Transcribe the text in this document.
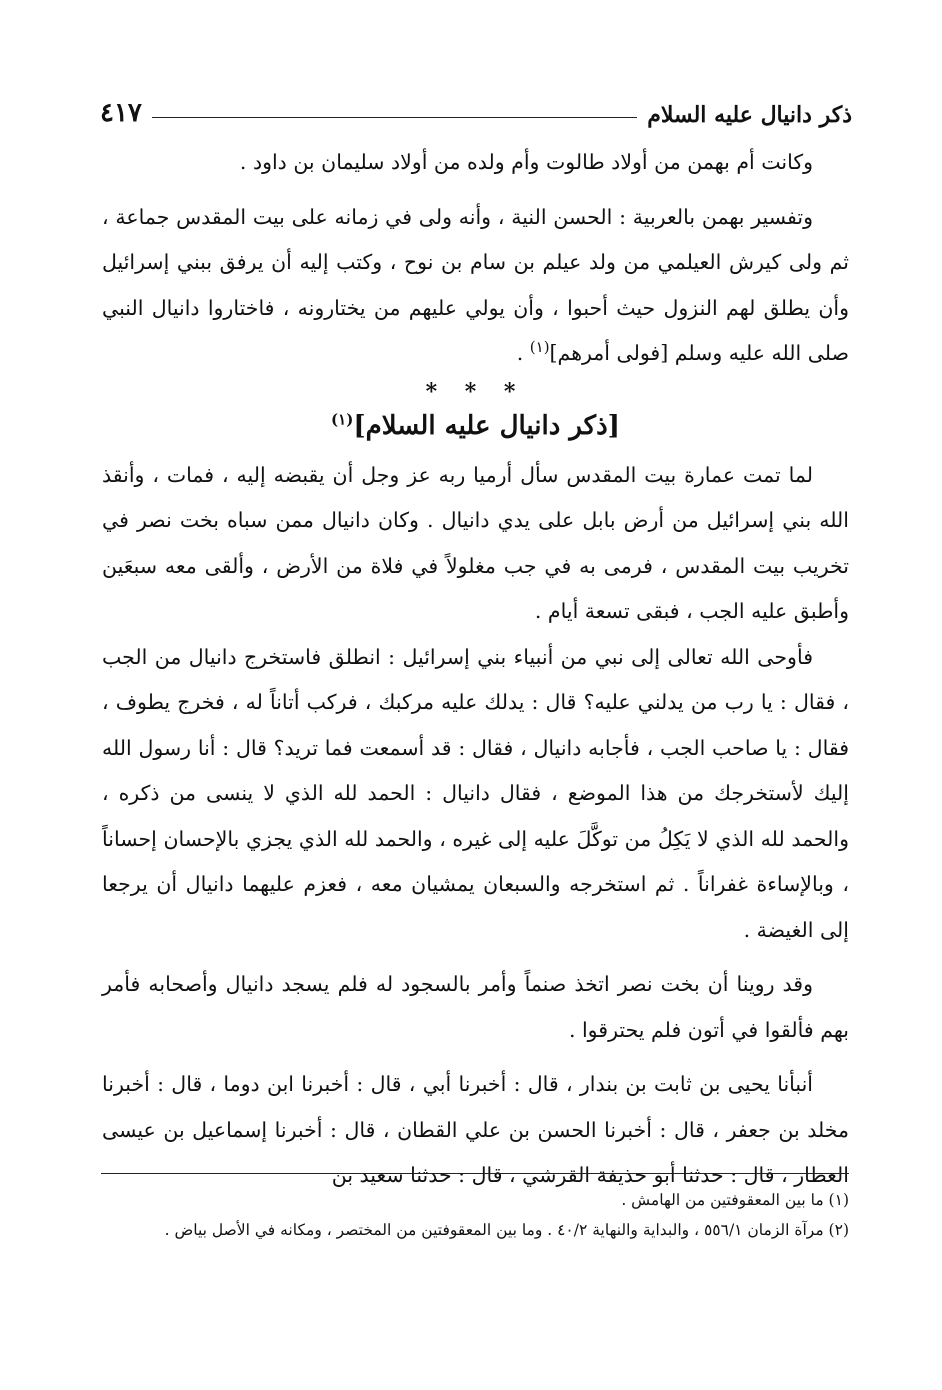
ذكر دانيال عليه السلام
٤١٧

وكانت أم بهمن من أولاد طالوت وأم ولده من أولاد سليمان بن داود .

وتفسير بهمن بالعربية : الحسن النية ، وأنه ولى في زمانه على بيت المقدس جماعة ، ثم ولى كيرش العيلمي من ولد عيلم بن سام بن نوح ، وكتب إليه أن يرفق ببني إسرائيل وأن يطلق لهم النزول حيث أحبوا ، وأن يولي عليهم من يختارونه ، فاختاروا دانيال النبي صلى الله عليه وسلم [فولى أمرهم]$^{(١)}$ .

* * *
[ذكر دانيال عليه السلام]$^{(١)}$

لما تمت عمارة بيت المقدس سأل أرميا ربه عز وجل أن يقبضه إليه ، فمات ، وأنقذ الله بني إسرائيل من أرض بابل على يدي دانيال . وكان دانيال ممن سباه بخت نصر في تخريب بيت المقدس ، فرمى به في جب مغلولاً في فلاة من الأرض ، وألقى معه سبعَين وأطبق عليه الجب ، فبقى تسعة أيام .

فأوحى الله تعالى إلى نبي من أنبياء بني إسرائيل : انطلق فاستخرج دانيال من الجب ، فقال : يا رب من يدلني عليه؟ قال : يدلك عليه مركبك ، فركب أتاناً له ، فخرج يطوف ، فقال : يا صاحب الجب ، فأجابه دانيال ، فقال : قد أسمعت فما تريد؟ قال : أنا رسول الله إليك لأستخرجك من هذا الموضع ، فقال دانيال : الحمد لله الذي لا ينسى من ذكره ، والحمد لله الذي لا يَكِلُ من توكَّلَ عليه إلى غيره ، والحمد لله الذي يجزي بالإحسان إحساناً ، وبالإساءة غفراناً . ثم استخرجه والسبعان يمشيان معه ، فعزم عليهما دانيال أن يرجعا إلى الغيضة .

وقد روينا أن بخت نصر اتخذ صنماً وأمر بالسجود له فلم يسجد دانيال وأصحابه فأمر بهم فألقوا في أتون فلم يحترقوا .

أنبأنا يحيى بن ثابت بن بندار ، قال : أخبرنا أبي ، قال : أخبرنا ابن دوما ، قال : أخبرنا مخلد بن جعفر ، قال : أخبرنا الحسن بن علي القطان ، قال : أخبرنا إسماعيل بن عيسى العطار ، قال : حدثنا أبو حذيفة القرشي ، قال : حدثنا سعيد بن

(١) ما بين المعقوفتين من الهامش .

(٢) مرآة الزمان ٥٥٦/١ ، والبداية والنهاية ٤٠/٢ . وما بين المعقوفتين من المختصر ، ومكانه في الأصل بياض .
